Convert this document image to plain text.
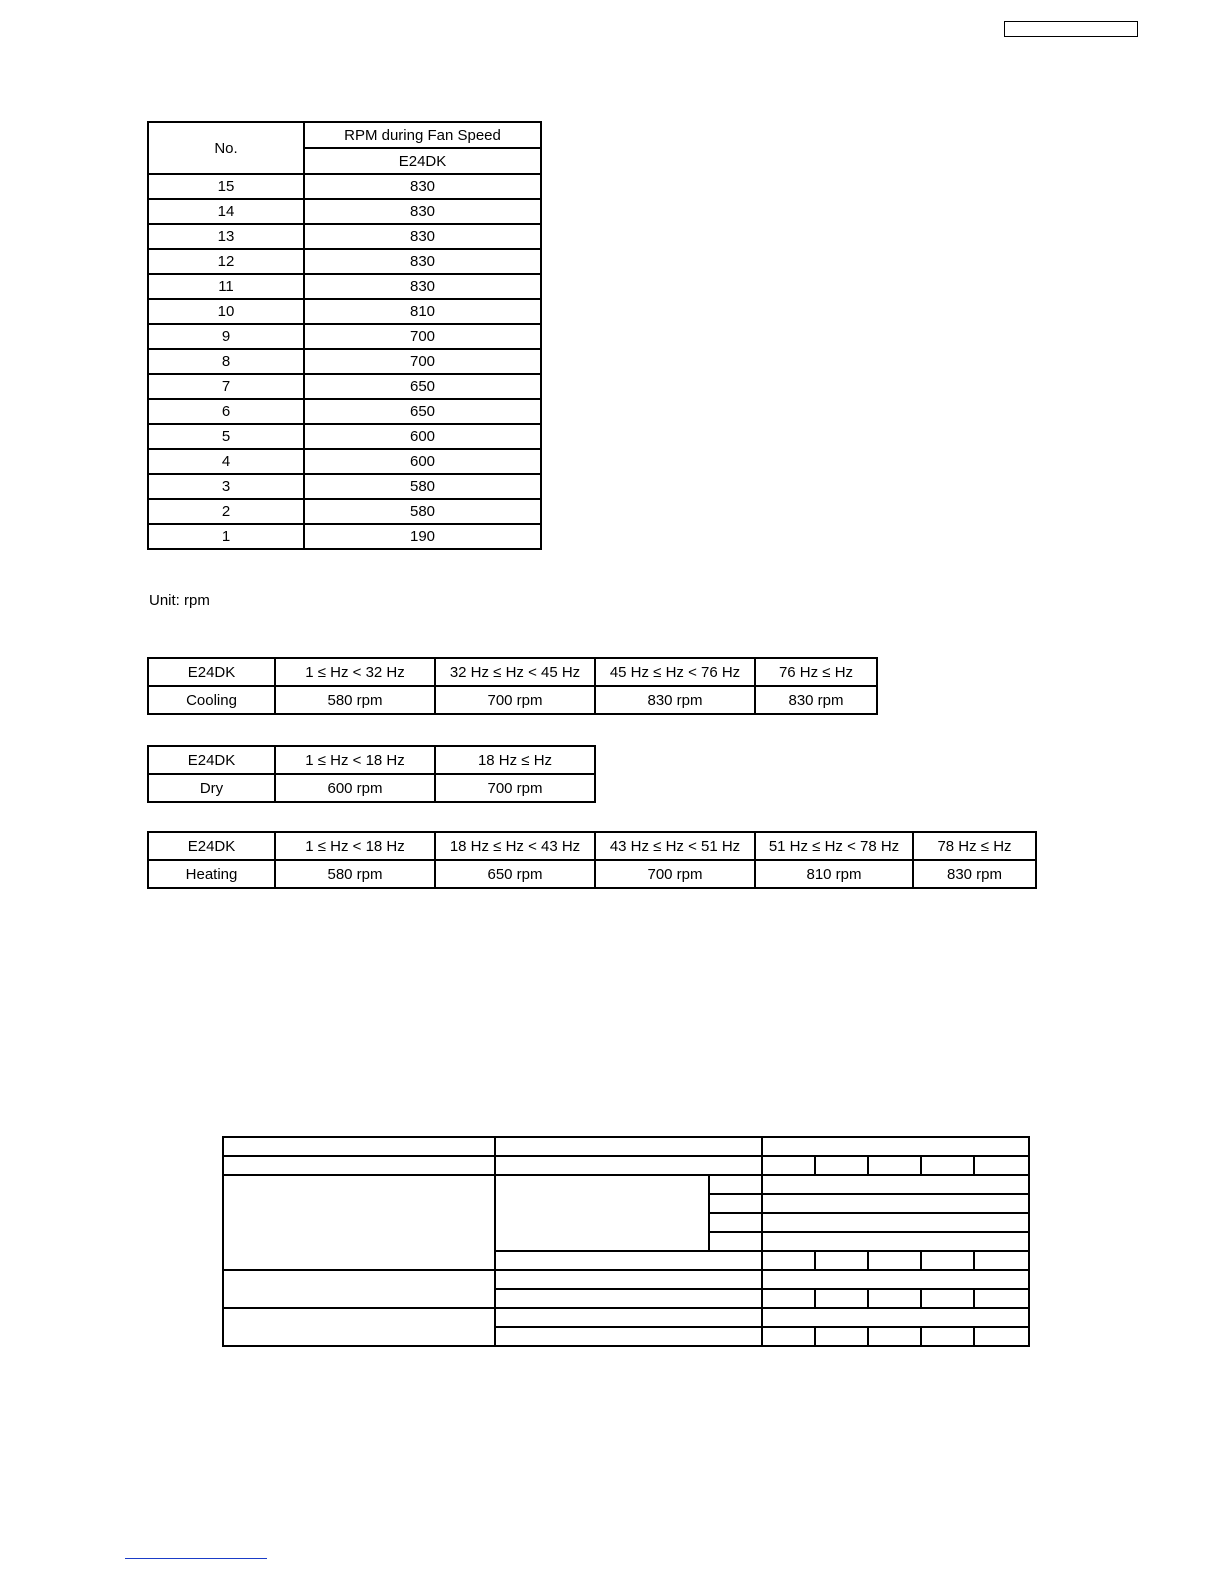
No.	RPM during Fan Speed
	E24DK
15	830
14	830
13	830
12	830
11	830
10	810
9	700
8	700
7	650
6	650
5	600
4	600
3	580
2	580
1	190
Unit: rpm
E24DK	1 ≤ Hz < 32 Hz	32 Hz ≤ Hz < 45 Hz	45 Hz ≤ Hz < 76 Hz	76 Hz ≤ Hz
Cooling	580 rpm	700 rpm	830 rpm	830 rpm
E24DK	1 ≤ Hz < 18 Hz	18 Hz ≤ Hz
Dry	600 rpm	700 rpm
E24DK	1 ≤ Hz < 18 Hz	18 Hz ≤ Hz < 43 Hz	43 Hz ≤ Hz < 51 Hz	51 Hz ≤ Hz < 78 Hz	78 Hz ≤ Hz
Heating	580 rpm	650 rpm	700 rpm	810 rpm	830 rpm
